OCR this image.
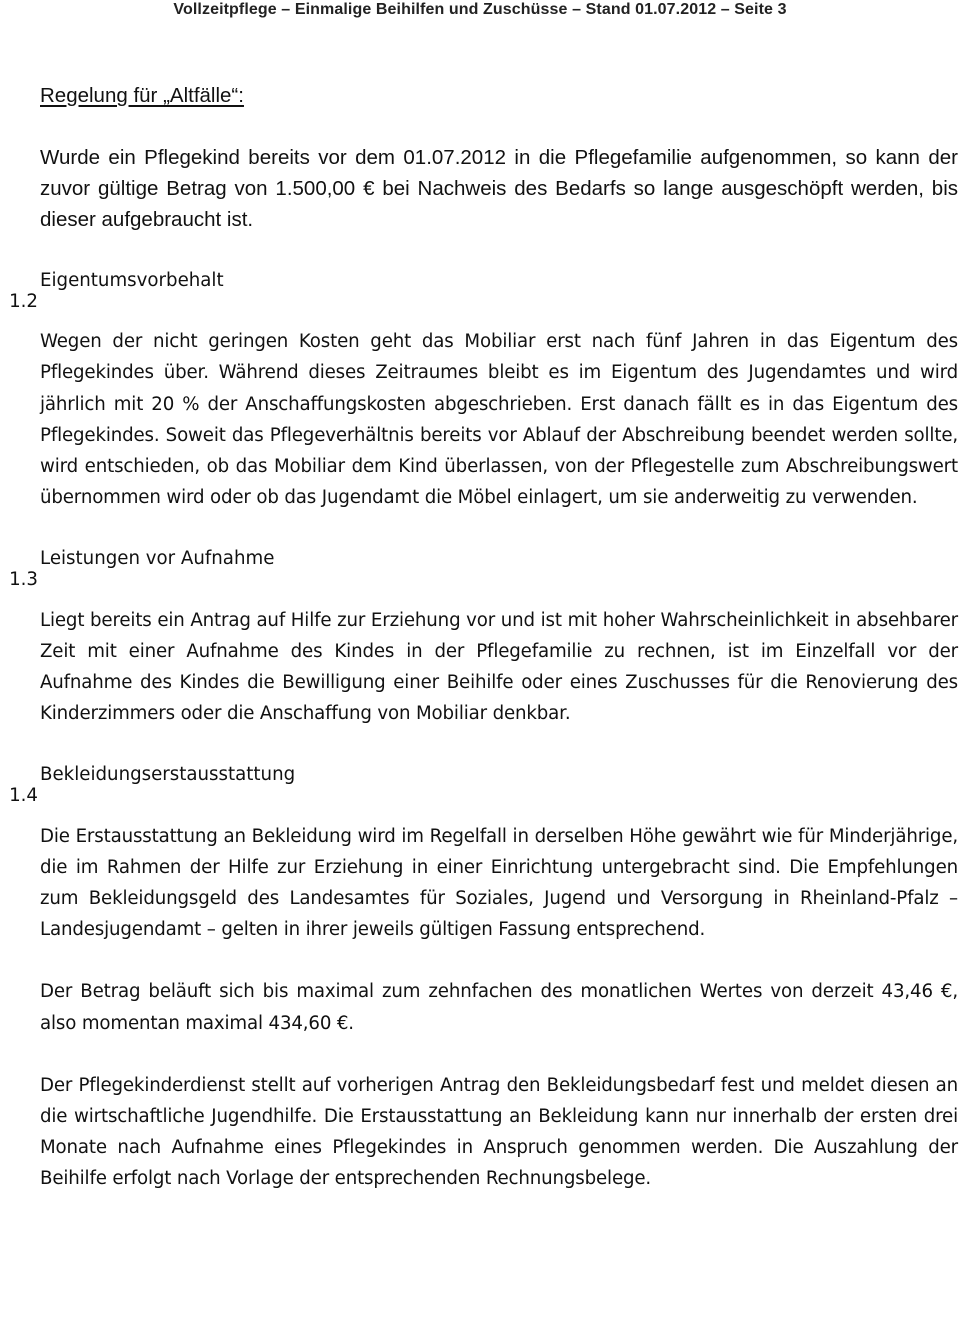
Vollzeitpflege – Einmalige Beihilfen und Zuschüsse – Stand 01.07.2012 – Seite 3
Regelung für „Altfälle“:

Wurde ein Pflegekind bereits vor dem 01.07.2012 in die Pflegefamilie aufgenommen, so kann der zuvor gültige Betrag von 1.500,00 € bei Nachweis des Bedarfs so lange ausgeschöpft werden, bis dieser aufgebraucht ist.

1.2
Eigentumsvorbehalt

Wegen der nicht geringen Kosten geht das Mobiliar erst nach fünf Jahren in das Eigentum des Pflegekindes über. Während dieses Zeitraumes bleibt es im Eigentum des Jugendamtes und wird jährlich mit 20 % der Anschaffungskosten abgeschrieben. Erst danach fällt es in das Eigentum des Pflegekindes. Soweit das Pflegeverhältnis bereits vor Ablauf der Abschreibung beendet werden sollte, wird entschieden, ob das Mobiliar dem Kind überlassen, von der Pflegestelle zum Abschreibungswert übernommen wird oder ob das Jugendamt die Möbel einlagert, um sie anderweitig zu verwenden.

1.3
Leistungen vor Aufnahme

Liegt bereits ein Antrag auf Hilfe zur Erziehung vor und ist mit hoher Wahrscheinlichkeit in absehbarer Zeit mit einer Aufnahme des Kindes in der Pflegefamilie zu rechnen, ist im Einzelfall vor der Aufnahme des Kindes die Bewilligung einer Beihilfe oder eines Zuschusses für die Renovierung des Kinderzimmers oder die Anschaffung von Mobiliar denkbar.

1.4
Bekleidungserstausstattung

Die Erstausstattung an Bekleidung wird im Regelfall in derselben Höhe gewährt wie für Minderjährige, die im Rahmen der Hilfe zur Erziehung in einer Einrichtung untergebracht sind. Die Empfehlungen zum Bekleidungsgeld des Landesamtes für Soziales, Jugend und Versorgung in Rheinland-Pfalz – Landesjugendamt – gelten in ihrer jeweils gültigen Fassung entsprechend.

Der Betrag beläuft sich bis maximal zum zehnfachen des monatlichen Wertes von derzeit 43,46 €, also momentan maximal 434,60 €.

Der Pflegekinderdienst stellt auf vorherigen Antrag den Bekleidungsbedarf fest und meldet diesen an die wirtschaftliche Jugendhilfe. Die Erstausstattung an Bekleidung kann nur innerhalb der ersten drei Monate nach Aufnahme eines Pflegekindes in Anspruch genommen werden. Die Auszahlung der Beihilfe erfolgt nach Vorlage der entsprechenden Rechnungsbelege.
